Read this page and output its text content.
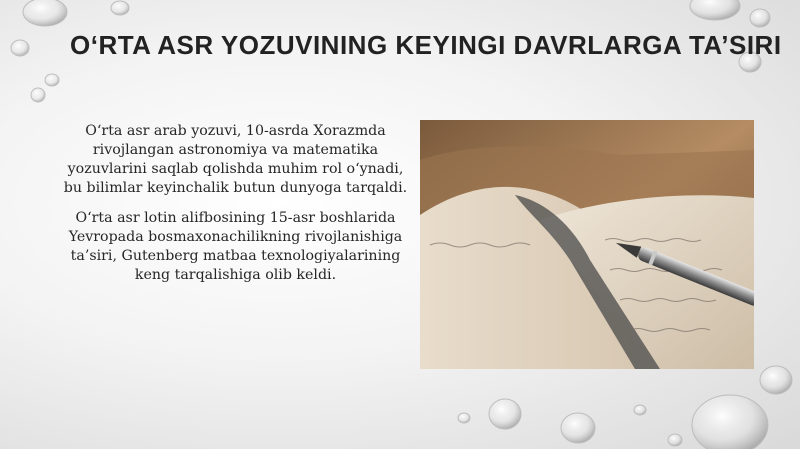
O‘RTA ASR YOZUVINING KEYINGI DAVRLARGA TA’SIRI

O‘rta asr arab yozuvi, 10-asrda Xorazmda rivojlangan astronomiya va matematika yozuvlarini saqlab qolishda muhim rol o‘ynadi, bu bilimlar keyinchalik butun dunyoga tarqaldi.

O‘rta asr lotin alifbosining 15-asr boshlarida Yevropada bosmaxonachilikning rivojlanishiga ta’siri, Gutenberg matbaa texnologiyalarining keng tarqalishiga olib keldi.
